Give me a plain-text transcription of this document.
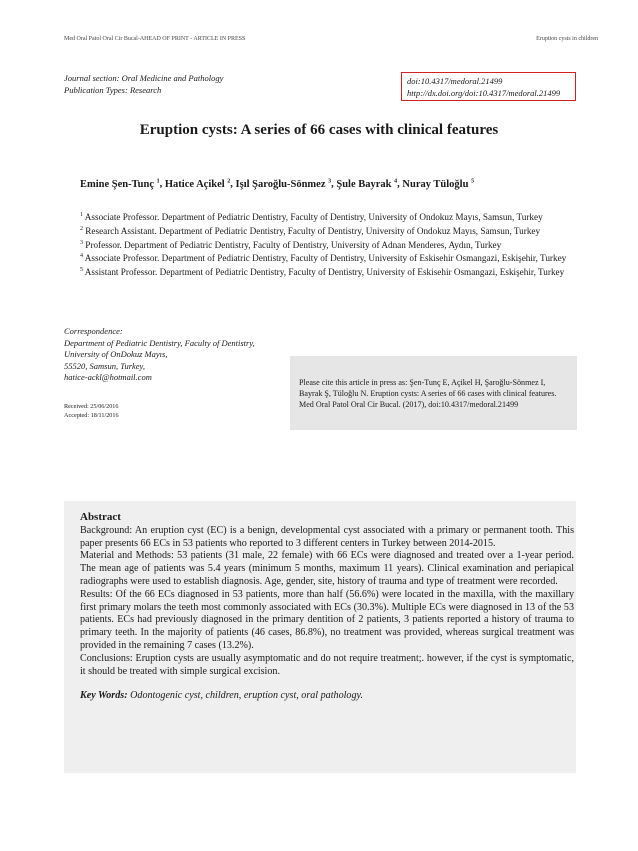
Med Oral Patol Oral Cir Bucal-AHEAD OF PRINT - ARTICLE IN PRESS	Eruption cysts in children
Journal section: Oral Medicine and Pathology
Publication Types: Research
doi:10.4317/medoral.21499
http://dx.doi.org/doi:10.4317/medoral.21499
Eruption cysts: A series of 66 cases with clinical features
Emine Şen-Tunç $^1$, Hatice Açikel $^2$, Işıl Şaroğlu-Sönmez $^3$, Şule Bayrak $^4$, Nuray Tüloğlu $^5$

$^1$ Associate Professor. Department of Pediatric Dentistry, Faculty of Dentistry, University of Ondokuz Mayıs, Samsun, Turkey

$^2$ Research Assistant. Department of Pediatric Dentistry, Faculty of Dentistry, University of Ondokuz Mayıs, Samsun, Turkey

$^3$ Professor. Department of Pediatric Dentistry, Faculty of Dentistry, University of Adnan Menderes, Aydın, Turkey

$^4$ Associate Professor. Department of Pediatric Dentistry, Faculty of Dentistry, University of Eskisehir Osmangazi, Eskişehir, Turkey

$^5$ Assistant Professor. Department of Pediatric Dentistry, Faculty of Dentistry, University of Eskisehir Osmangazi, Eskişehir, Turkey

Correspondence:
Department of Pediatric Dentistry, Faculty of Dentistry,
University of OnDokuz Mayıs,
55520, Samsun, Turkey,
hatice-ackl@hotmail.com
Received: 25/06/2016
Accepted: 18/11/2016
Please cite this article in press as: Şen-Tunç E, Açikel H, Şaroğlu-Sönmez I, Bayrak Ş, Tüloğlu N. Eruption cysts: A series of 66 cases with clinical features. Med Oral Patol Oral Cir Bucal. (2017), doi:10.4317/medoral.21499
Abstract

Background: An eruption cyst (EC) is a benign, developmental cyst associated with a primary or permanent tooth. This paper presents 66 ECs in 53 patients who reported to 3 different centers in Turkey between 2014-2015.

Material and Methods: 53 patients (31 male, 22 female) with 66 ECs were diagnosed and treated over a 1-year period. The mean age of patients was 5.4 years (minimum 5 months, maximum 11 years). Clinical examination and periapical radiographs were used to establish diagnosis. Age, gender, site, history of trauma and type of treatment were recorded.

Results: Of the 66 ECs diagnosed in 53 patients, more than half (56.6%) were located in the maxilla, with the maxillary first primary molars the teeth most commonly associated with ECs (30.3%). Multiple ECs were diagnosed in 13 of the 53 patients. ECs had previously diagnosed in the primary dentition of 2 patients, 3 patients reported a history of trauma to primary teeth. In the majority of patients (46 cases, 86.8%), no treatment was provided, whereas surgical treatment was provided in the remaining 7 cases (13.2%).

Conclusions: Eruption cysts are usually asymptomatic and do not require treatment;. however, if the cyst is symptomatic, it should be treated with simple surgical excision.

Key Words: Odontogenic cyst, children, eruption cyst, oral pathology.
